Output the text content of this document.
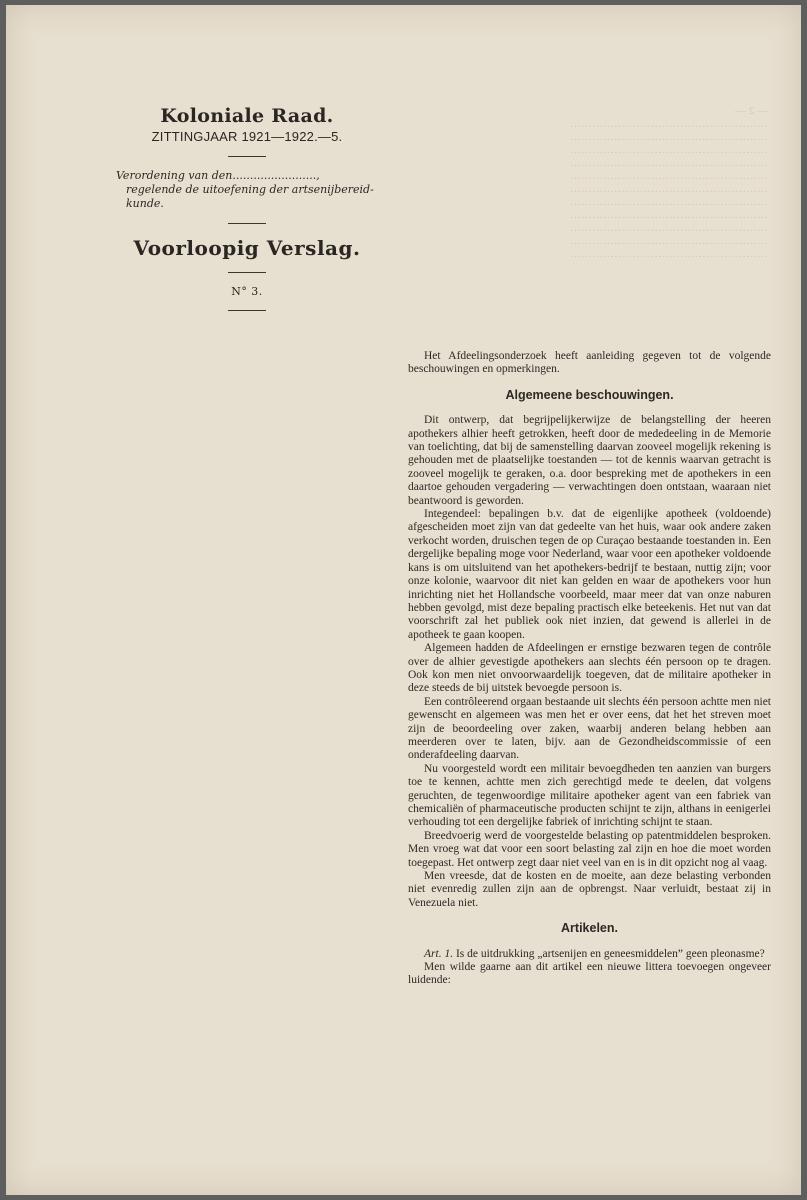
— 2 —
………………………………………………
………………………………………………
………………………………………………
………………………………………………
………………………………………………
………………………………………………
………………………………………………
………………………………………………
………………………………………………
………………………………………………
………………………………………………
Koloniale Raad.

ZITTINGJAAR 1921—1922.—5.

Verordening van den........................,
regelende de uitoefening der artsenijbereid-
kunde.

Voorloopig Verslag.

N° 3.

Het Afdeelingsonderzoek heeft aanleiding gegeven tot de volgende beschouwingen en opmerkingen.

Algemeene beschouwingen.

Dit ontwerp, dat begrijpelijkerwijze de belangstelling der heeren apothekers alhier heeft getrokken, heeft door de mededeeling in de Memorie van toelichting, dat bij de samenstelling daarvan zooveel mogelijk rekening is gehouden met de plaatselijke toestanden — tot de kennis waarvan getracht is zooveel mogelijk te geraken, o.a. door bespreking met de apothekers in een daartoe gehouden vergadering — verwachtingen doen ontstaan, waaraan niet beantwoord is geworden.

Integendeel: bepalingen b.v. dat de eigenlijke apotheek (voldoende) afgescheiden moet zijn van dat gedeelte van het huis, waar ook andere zaken verkocht worden, druischen tegen de op Curaçao bestaande toestanden in. Een dergelijke bepaling moge voor Nederland, waar voor een apotheker voldoende kans is om uitsluitend van het apothekers-bedrijf te bestaan, nuttig zijn; voor onze kolonie, waarvoor dit niet kan gelden en waar de apothekers voor hun inrichting niet het Hollandsche voorbeeld, maar meer dat van onze naburen hebben gevolgd, mist deze bepaling practisch elke beteekenis. Het nut van dat voorschrift zal het publiek ook niet inzien, dat gewend is allerlei in de apotheek te gaan koopen.

Algemeen hadden de Afdeelingen er ernstige bezwaren tegen de contrôle over de alhier gevestigde apothekers aan slechts één persoon op te dragen. Ook kon men niet onvoorwaardelijk toegeven, dat de militaire apotheker in deze steeds de bij uitstek bevoegde persoon is.

Een contrôleerend orgaan bestaande uit slechts één persoon achtte men niet gewenscht en algemeen was men het er over eens, dat het het streven moet zijn de beoordeeling over zaken, waarbij anderen belang hebben aan meerderen over te laten, bijv. aan de Gezondheidscommissie of een onderafdeeling daarvan.

Nu voorgesteld wordt een militair bevoegdheden ten aanzien van burgers toe te kennen, achtte men zich gerechtigd mede te deelen, dat volgens geruchten, de tegenwoordige militaire apotheker agent van een fabriek van chemicaliën of pharmaceutische producten schijnt te zijn, althans in eenigerlei verhouding tot een dergelijke fabriek of inrichting schijnt te staan.

Breedvoerig werd de voorgestelde belasting op patentmiddelen besproken. Men vroeg wat dat voor een soort belasting zal zijn en hoe die moet worden toegepast. Het ontwerp zegt daar niet veel van en is in dit opzicht nog al vaag.

Men vreesde, dat de kosten en de moeite, aan deze belasting verbonden niet evenredig zullen zijn aan de opbrengst. Naar verluidt, bestaat zij in Venezuela niet.

Artikelen.

Art. 1. Is de uitdrukking „artsenijen en geneesmiddelen” geen pleonasme?

Men wilde gaarne aan dit artikel een nieuwe littera toevoegen ongeveer luidende:
